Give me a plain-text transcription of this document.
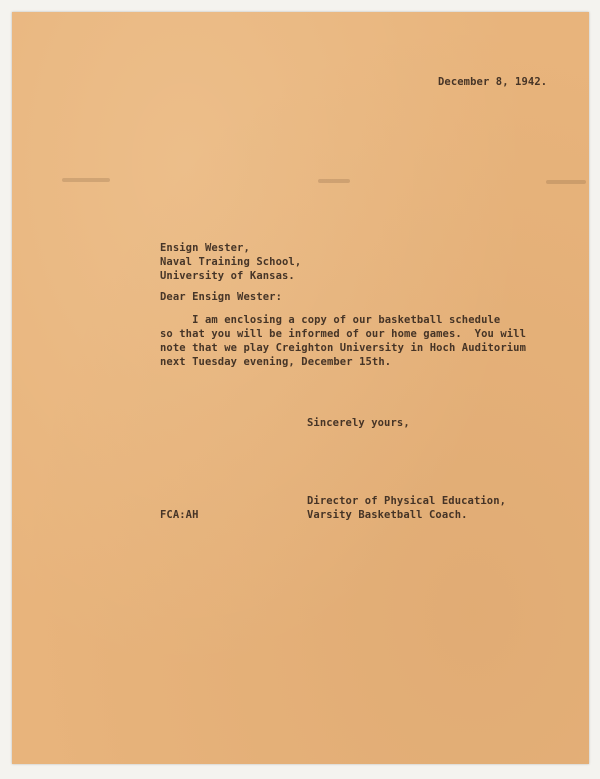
December 8, 1942.
Ensign Wester,
Naval Training School,
University of Kansas.
Dear Ensign Wester:
I am enclosing a copy of our basketball schedule
so that you will be informed of our home games.  You will
note that we play Creighton University in Hoch Auditorium
next Tuesday evening, December 15th.
Sincerely yours,
Director of Physical Education,
Varsity Basketball Coach.
FCA:AH
